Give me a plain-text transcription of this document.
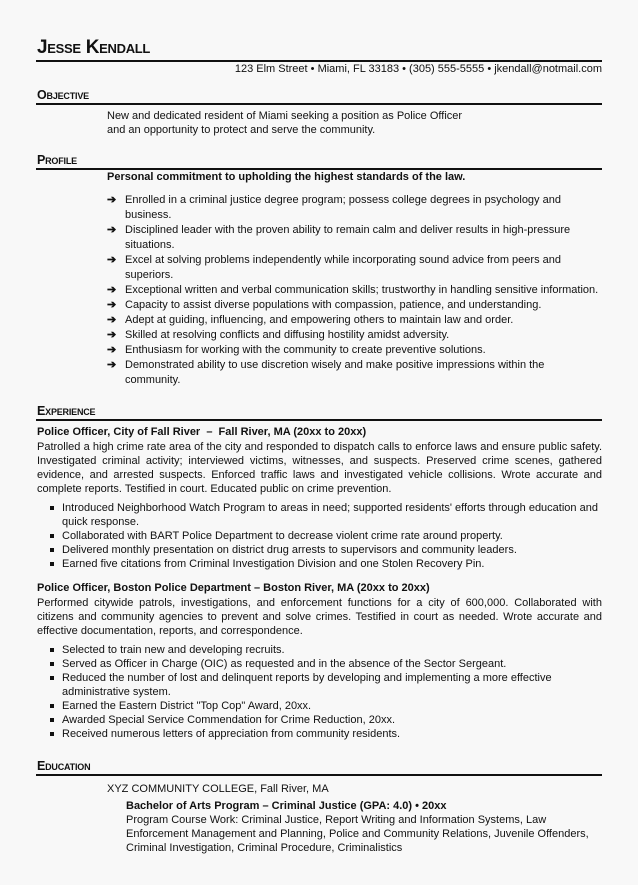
Jesse Kendall
123 Elm Street • Miami, FL 33183 • (305) 555-5555 • jkendall@notmail.com
Objective
New and dedicated resident of Miami seeking a position as Police Officer
and an opportunity to protect and serve the community.
Profile
Personal commitment to upholding the highest standards of the law.
➔ Enrolled in a criminal justice degree program; possess college degrees in psychology and business.
➔ Disciplined leader with the proven ability to remain calm and deliver results in high-pressure situations.
➔ Excel at solving problems independently while incorporating sound advice from peers and superiors.
➔ Exceptional written and verbal communication skills; trustworthy in handling sensitive information.
➔ Capacity to assist diverse populations with compassion, patience, and understanding.
➔ Adept at guiding, influencing, and empowering others to maintain law and order.
➔ Skilled at resolving conflicts and diffusing hostility amidst adversity.
➔ Enthusiasm for working with the community to create preventive solutions.
➔ Demonstrated ability to use discretion wisely and make positive impressions within the community.
Experience
Police Officer, City of Fall River  –  Fall River, MA (20xx to 20xx)
Patrolled a high crime rate area of the city and responded to dispatch calls to enforce laws and ensure public safety. Investigated criminal activity; interviewed victims, witnesses, and suspects. Preserved crime scenes, gathered evidence, and arrested suspects. Enforced traffic laws and investigated vehicle collisions. Wrote accurate and complete reports. Testified in court. Educated public on crime prevention.
Introduced Neighborhood Watch Program to areas in need; supported residents' efforts through education and quick response.
Collaborated with BART Police Department to decrease violent crime rate around property.
Delivered monthly presentation on district drug arrests to supervisors and community leaders.
Earned five citations from Criminal Investigation Division and one Stolen Recovery Pin.
Police Officer, Boston Police Department – Boston River, MA (20xx to 20xx)
Performed citywide patrols, investigations, and enforcement functions for a city of 600,000. Collaborated with citizens and community agencies to prevent and solve crimes. Testified in court as needed. Wrote accurate and effective documentation, reports, and correspondence.
Selected to train new and developing recruits.
Served as Officer in Charge (OIC) as requested and in the absence of the Sector Sergeant.
Reduced the number of lost and delinquent reports by developing and implementing a more effective administrative system.
Earned the Eastern District "Top Cop" Award, 20xx.
Awarded Special Service Commendation for Crime Reduction, 20xx.
Received numerous letters of appreciation from community residents.
Education
XYZ COMMUNITY COLLEGE, Fall River, MA
Bachelor of Arts Program – Criminal Justice (GPA: 4.0) • 20xx
Program Course Work: Criminal Justice, Report Writing and Information Systems, Law Enforcement Management and Planning, Police and Community Relations, Juvenile Offenders, Criminal Investigation, Criminal Procedure, Criminalistics
